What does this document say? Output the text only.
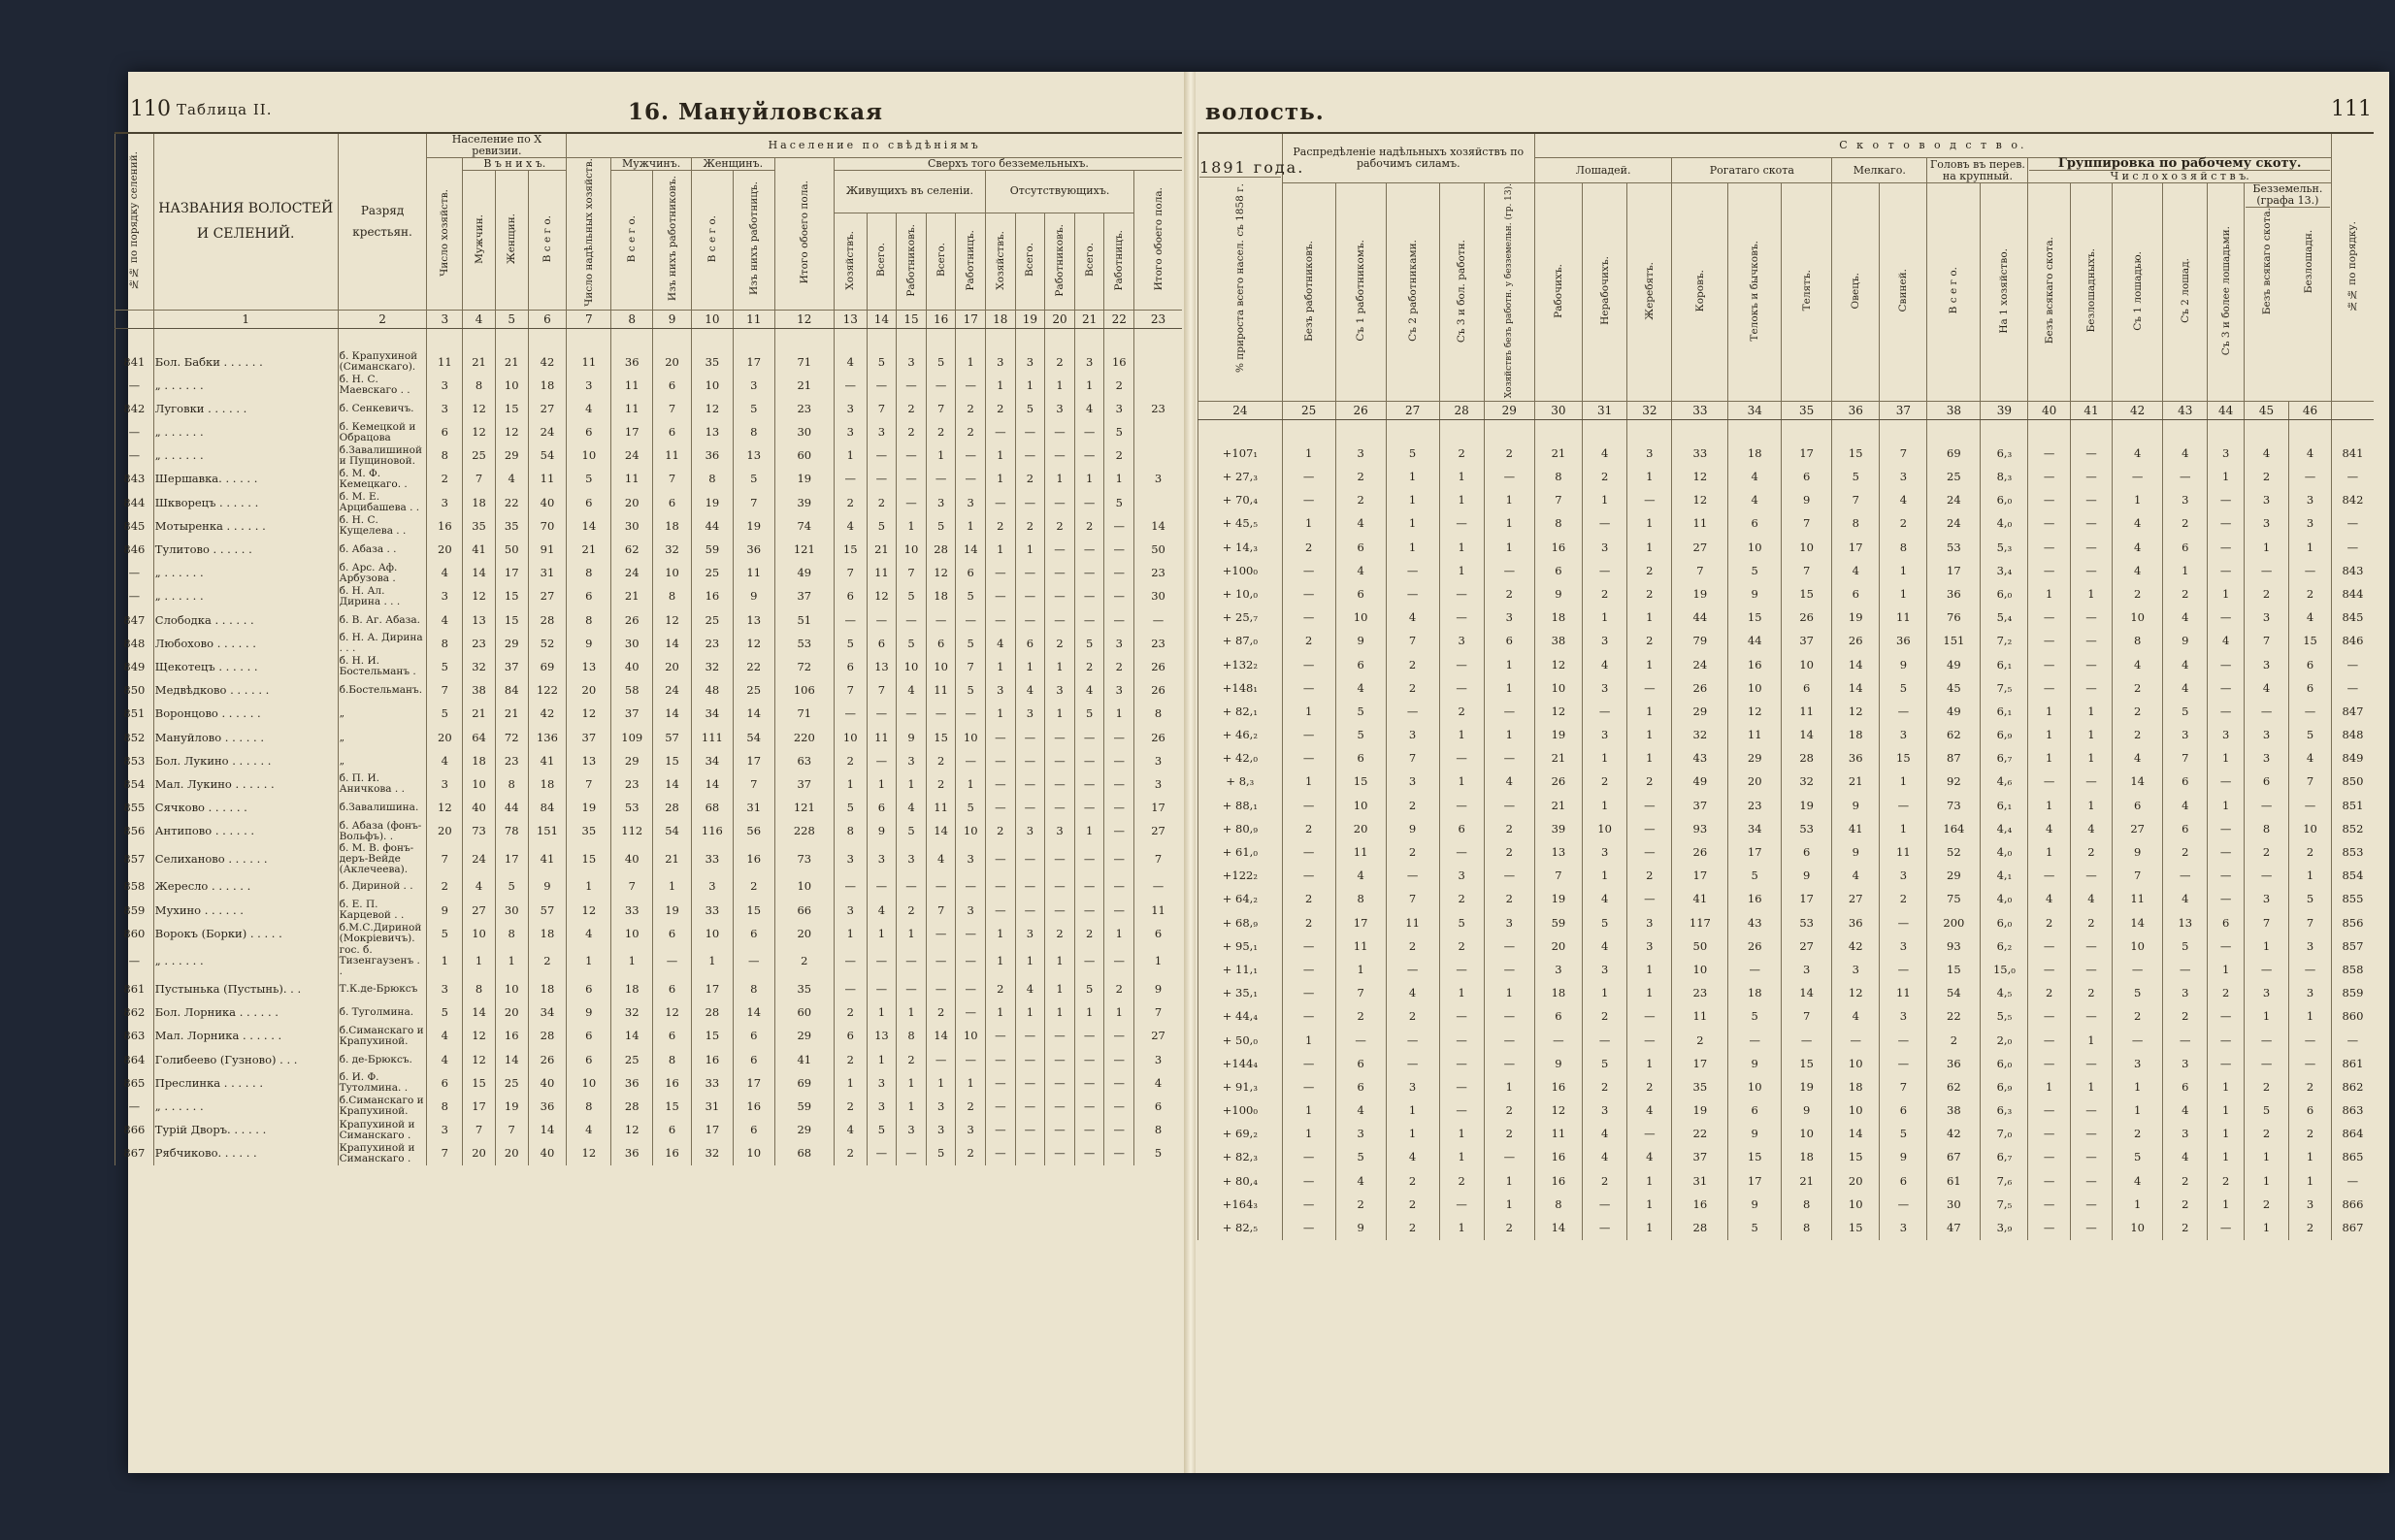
110 Таблица II.	16. Мануйловская
№№ по порядку селений.	НАЗВАНИЯ ВОЛОСТЕЙ И СЕЛЕНИЙ.	Разряд крестьян.	Население по X ревизии.				Население по свѣдѣніямъ																
			Число хозяйств.	В ъ н и х ъ.			Число надѣльных хозяйств.	Мужчинъ.		Женщинъ.		Итого обоего пола.	Сверхъ того безземельныхъ.										
				Мужчин.	Женщин.	В с е г о.		В с е г о.	Изъ нихъ работниковъ.	В с е г о.	Изъ нихъ работницъ.		Живущихъ въ селеніи.					Отсутствующихъ.					Итого обоего пола.
													Хозяйствъ.	Всего.	Работниковъ.	Всего.	Работницъ.	Хозяйствъ.	Всего.	Работниковъ.	Всего.	Работницъ.	
	1	2	3	4	5	6	7	8	9	10	11	12	13	14	15	16	17	18	19	20	21	22	23

841	Бол. Бабки . . . . . .	б. Крапухиной (Симанскаго).	11	21	21	42	11	36	20	35	17	71	4	5	3	5	1	3	3	2	3	16	
—	„ . . . . . .	б. Н. С. Маевскаго . .	3	8	10	18	3	11	6	10	3	21	—	—	—	—	—	1	1	1	1	2	
842	Луговки . . . . . .	б. Сенкевичъ.	3	12	15	27	4	11	7	12	5	23	3	7	2	7	2	2	5	3	4	3	23
—	„ . . . . . .	б. Кемецкой и Обрацова	6	12	12	24	6	17	6	13	8	30	3	3	2	2	2	—	—	—	—	5	
—	„ . . . . . .	б.Завалишиной и Пущиновой.	8	25	29	54	10	24	11	36	13	60	1	—	—	1	—	1	—	—	—	2	
843	Шершавка. . . . . .	б. М. Ф. Кемецкаго. .	2	7	4	11	5	11	7	8	5	19	—	—	—	—	—	1	2	1	1	1	3
844	Шкворецъ . . . . . .	б. М. Е. Арцибашева . .	3	18	22	40	6	20	6	19	7	39	2	2	—	3	3	—	—	—	—	5	
845	Мотыренка . . . . . .	б. Н. С. Кущелева . .	16	35	35	70	14	30	18	44	19	74	4	5	1	5	1	2	2	2	2	—	14
846	Тулитово . . . . . .	б. Абаза . .	20	41	50	91	21	62	32	59	36	121	15	21	10	28	14	1	1	—	—	—	50
—	„ . . . . . .	б. Арс. Аф. Арбузова .	4	14	17	31	8	24	10	25	11	49	7	11	7	12	6	—	—	—	—	—	23
—	„ . . . . . .	б. Н. Ал. Дирина . . .	3	12	15	27	6	21	8	16	9	37	6	12	5	18	5	—	—	—	—	—	30
847	Слободка . . . . . .	б. В. Аг. Абаза.	4	13	15	28	8	26	12	25	13	51	—	—	—	—	—	—	—	—	—	—	—
848	Любохово . . . . . .	б. Н. А. Дирина . . .	8	23	29	52	9	30	14	23	12	53	5	6	5	6	5	4	6	2	5	3	23
849	Щекотецъ . . . . . .	б. Н. И. Бостельманъ .	5	32	37	69	13	40	20	32	22	72	6	13	10	10	7	1	1	1	2	2	26
850	Медвѣдково . . . . . .	б.Бостельманъ.	7	38	84	122	20	58	24	48	25	106	7	7	4	11	5	3	4	3	4	3	26
851	Воронцово . . . . . .	„	5	21	21	42	12	37	14	34	14	71	—	—	—	—	—	1	3	1	5	1	8
852	Мануйлово . . . . . .	„	20	64	72	136	37	109	57	111	54	220	10	11	9	15	10	—	—	—	—	—	26
853	Бол. Лукино . . . . . .	„	4	18	23	41	13	29	15	34	17	63	2	—	3	2	—	—	—	—	—	—	3
854	Мал. Лукино . . . . . .	б. П. И. Аничкова . .	3	10	8	18	7	23	14	14	7	37	1	1	1	2	1	—	—	—	—	—	3
855	Сячково . . . . . .	б.Завалишина.	12	40	44	84	19	53	28	68	31	121	5	6	4	11	5	—	—	—	—	—	17
856	Антипово . . . . . .	б. Абаза (фонъ-Вольфъ). .	20	73	78	151	35	112	54	116	56	228	8	9	5	14	10	2	3	3	1	—	27
857	Селиханово . . . . . .	б. М. В. фонъ-деръ-Вейде (Аклечеева).	7	24	17	41	15	40	21	33	16	73	3	3	3	4	3	—	—	—	—	—	7
858	Жересло . . . . . .	б. Дириной . .	2	4	5	9	1	7	1	3	2	10	—	—	—	—	—	—	—	—	—	—	—
859	Мухино . . . . . .	б. Е. П. Карцевой . .	9	27	30	57	12	33	19	33	15	66	3	4	2	7	3	—	—	—	—	—	11
860	Ворокъ (Борки) . . . . .	б.М.С.Дириной (Мокріевичъ).	5	10	8	18	4	10	6	10	6	20	1	1	1	—	—	1	3	2	2	1	6
—	„ . . . . . .	гос. б. Тизенгаузенъ . .	1	1	1	2	1	1	—	1	—	2	—	—	—	—	—	1	1	1	—	—	1
861	Пустынька (Пустынь). . .	Т.К.де-Брюксъ	3	8	10	18	6	18	6	17	8	35	—	—	—	—	—	2	4	1	5	2	9
862	Бол. Лорника . . . . . .	б. Туголмина.	5	14	20	34	9	32	12	28	14	60	2	1	1	2	—	1	1	1	1	1	7
863	Мал. Лорника . . . . . .	б.Симанскаго и Крапухиной.	4	12	16	28	6	14	6	15	6	29	6	13	8	14	10	—	—	—	—	—	27
864	Голибеево (Гузново) . . .	б. де-Брюксъ.	4	12	14	26	6	25	8	16	6	41	2	1	2	—	—	—	—	—	—	—	3
865	Преслинка . . . . . .	б. И. Ф. Тутолмина. .	6	15	25	40	10	36	16	33	17	69	1	3	1	1	1	—	—	—	—	—	4
—	„ . . . . . .	б.Симанскаго и Крапухиной.	8	17	19	36	8	28	15	31	16	59	2	3	1	3	2	—	—	—	—	—	6
866	Турій Дворъ. . . . . .	Крапухиной и Симанскаго .	3	7	7	14	4	12	6	17	6	29	4	5	3	3	3	—	—	—	—	—	8
867	Рябчиково. . . . . .	Крапухиной и Симанскаго .	7	20	20	40	12	36	16	32	10	68	2	—	—	5	2	—	—	—	—	—	5
волость.	111
1891 года.
% прироста всего насел. съ 1858 г.	Распредѣленіе надѣльныхъ хозяйствъ по рабочимъ силамъ.					С к о т о в о д с т в о.																	№№ по порядку.
						Лошадей.			Рогатаго скота			Мелкаго.		Головъ въ перев. на крупный.		Группировка по рабочему скоту.
Ч и с л о х о з я й с т в ъ.							

	Безъ работниковъ.	Съ 1 работникомъ.	Съ 2 работниками.	Съ 3 и бол. работн.	Хозяйствъ безъ работн. у безземельн. (гр. 13).	Рабочихъ.	Нерабочихъ.	Жеребятъ.	Коровъ.	Телокъ и бычковъ.	Телятъ.	Овецъ.	Свиней.	В с е г о.	На 1 хозяйство.	Безъ всякаго скота.	Безлошадныхъ.	Съ 1 лошадью.	Съ 2 лошад.	Съ 3 и более лошадьми.	Безземельн. (графа 13.)
Безъ всякаго скота. Безлошадн.		

24	25	26	27	28	29	30	31	32	33	34	35	36	37	38	39	40	41	42	43	44	45	46	

+107₁	1	3	5	2	2	21	4	3	33	18	17	15	7	69	6,₃	—	—	4	4	3	4	4	841
+ 27,₃	—	2	1	1	—	8	2	1	12	4	6	5	3	25	8,₃	—	—	—	—	1	2	—	—
+ 70,₄	—	2	1	1	1	7	1	—	12	4	9	7	4	24	6,₀	—	—	1	3	—	3	3	842
+ 45,₅	1	4	1	—	1	8	—	1	11	6	7	8	2	24	4,₀	—	—	4	2	—	3	3	—
+ 14,₃	2	6	1	1	1	16	3	1	27	10	10	17	8	53	5,₃	—	—	4	6	—	1	1	—
+100₀	—	4	—	1	—	6	—	2	7	5	7	4	1	17	3,₄	—	—	4	1	—	—	—	843
+ 10,₀	—	6	—	—	2	9	2	2	19	9	15	6	1	36	6,₀	1	1	2	2	1	2	2	844
+ 25,₇	—	10	4	—	3	18	1	1	44	15	26	19	11	76	5,₄	—	—	10	4	—	3	4	845
+ 87,₀	2	9	7	3	6	38	3	2	79	44	37	26	36	151	7,₂	—	—	8	9	4	7	15	846
+132₂	—	6	2	—	1	12	4	1	24	16	10	14	9	49	6,₁	—	—	4	4	—	3	6	—
+148₁	—	4	2	—	1	10	3	—	26	10	6	14	5	45	7,₅	—	—	2	4	—	4	6	—
+ 82,₁	1	5	—	2	—	12	—	1	29	12	11	12	—	49	6,₁	1	1	2	5	—	—	—	847
+ 46,₂	—	5	3	1	1	19	3	1	32	11	14	18	3	62	6,₉	1	1	2	3	3	3	5	848
+ 42,₀	—	6	7	—	—	21	1	1	43	29	28	36	15	87	6,₇	1	1	4	7	1	3	4	849
+ 8,₃	1	15	3	1	4	26	2	2	49	20	32	21	1	92	4,₆	—	—	14	6	—	6	7	850
+ 88,₁	—	10	2	—	—	21	1	—	37	23	19	9	—	73	6,₁	1	1	6	4	1	—	—	851
+ 80,₉	2	20	9	6	2	39	10	—	93	34	53	41	1	164	4,₄	4	4	27	6	—	8	10	852
+ 61,₀	—	11	2	—	2	13	3	—	26	17	6	9	11	52	4,₀	1	2	9	2	—	2	2	853
+122₂	—	4	—	3	—	7	1	2	17	5	9	4	3	29	4,₁	—	—	7	—	—	—	1	854
+ 64,₂	2	8	7	2	2	19	4	—	41	16	17	27	2	75	4,₀	4	4	11	4	—	3	5	855
+ 68,₉	2	17	11	5	3	59	5	3	117	43	53	36	—	200	6,₀	2	2	14	13	6	7	7	856
+ 95,₁	—	11	2	2	—	20	4	3	50	26	27	42	3	93	6,₂	—	—	10	5	—	1	3	857
+ 11,₁	—	1	—	—	—	3	3	1	10	—	3	3	—	15	15,₀	—	—	—	—	1	—	—	858
+ 35,₁	—	7	4	1	1	18	1	1	23	18	14	12	11	54	4,₅	2	2	5	3	2	3	3	859
+ 44,₄	—	2	2	—	—	6	2	—	11	5	7	4	3	22	5,₅	—	—	2	2	—	1	1	860
+ 50,₀	1	—	—	—	—	—	—	—	2	—	—	—	—	2	2,₀	—	1	—	—	—	—	—	—
+144₄	—	6	—	—	—	9	5	1	17	9	15	10	—	36	6,₀	—	—	3	3	—	—	—	861
+ 91,₃	—	6	3	—	1	16	2	2	35	10	19	18	7	62	6,₉	1	1	1	6	1	2	2	862
+100₀	1	4	1	—	2	12	3	4	19	6	9	10	6	38	6,₃	—	—	1	4	1	5	6	863
+ 69,₂	1	3	1	1	2	11	4	—	22	9	10	14	5	42	7,₀	—	—	2	3	1	2	2	864
+ 82,₃	—	5	4	1	—	16	4	4	37	15	18	15	9	67	6,₇	—	—	5	4	1	1	1	865
+ 80,₄	—	4	2	2	1	16	2	1	31	17	21	20	6	61	7,₆	—	—	4	2	2	1	1	—
+164₃	—	2	2	—	1	8	—	1	16	9	8	10	—	30	7,₅	—	—	1	2	1	2	3	866
+ 82,₅	—	9	2	1	2	14	—	1	28	5	8	15	3	47	3,₉	—	—	10	2	—	1	2	867
